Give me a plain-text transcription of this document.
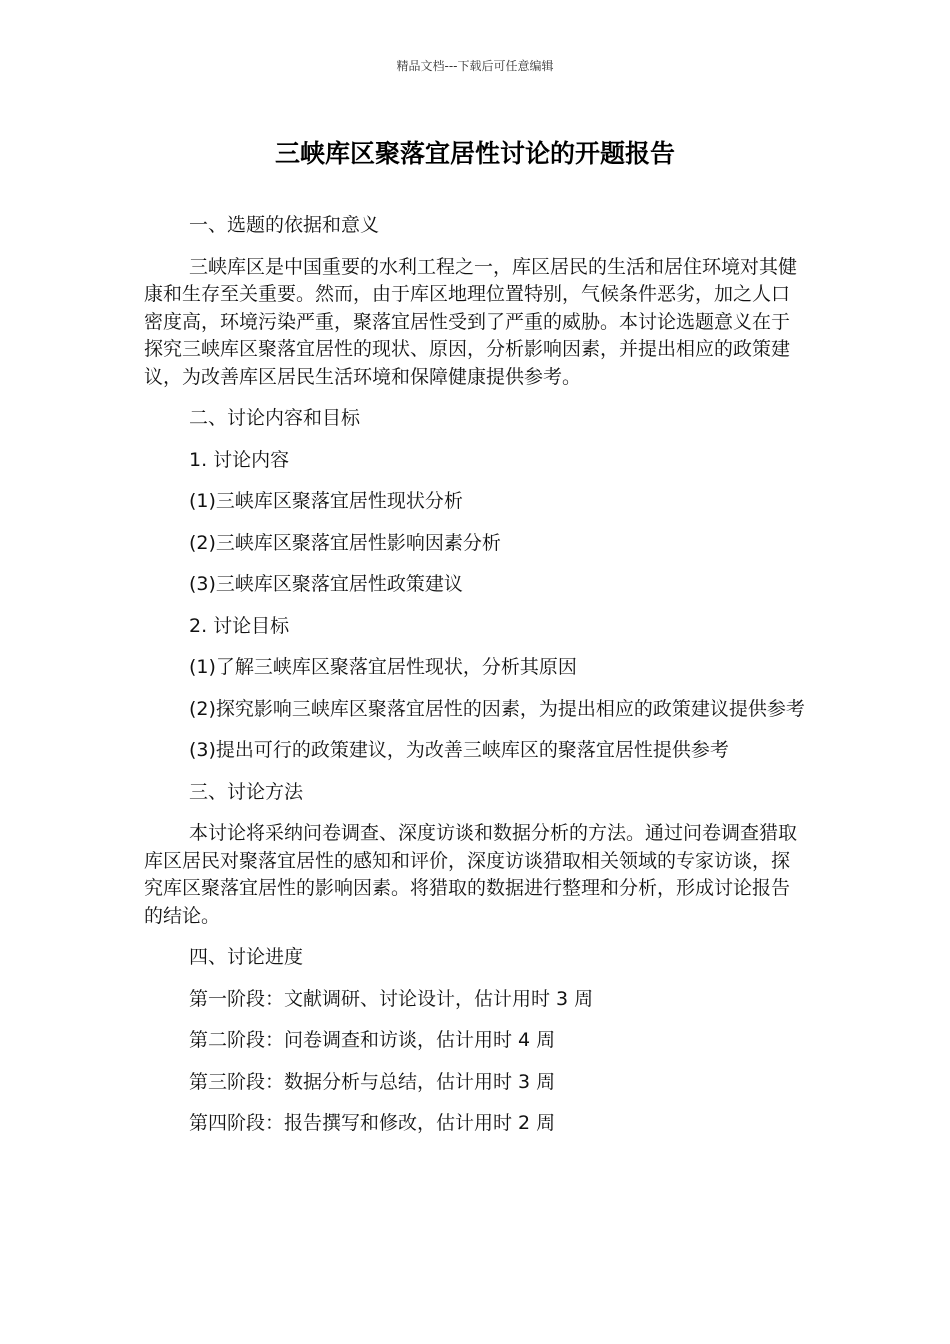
精品文档---下载后可任意编辑
三峡库区聚落宜居性讨论的开题报告

一、选题的依据和意义

三峡库区是中国重要的水利工程之一，库区居民的生活和居住环境对其健康和生存至关重要。然而，由于库区地理位置特别，气候条件恶劣，加之人口密度高，环境污染严重，聚落宜居性受到了严重的威胁。本讨论选题意义在于探究三峡库区聚落宜居性的现状、原因，分析影响因素，并提出相应的政策建议，为改善库区居民生活环境和保障健康提供参考。

二、讨论内容和目标

1. 讨论内容

(1)三峡库区聚落宜居性现状分析

(2)三峡库区聚落宜居性影响因素分析

(3)三峡库区聚落宜居性政策建议

2. 讨论目标

(1)了解三峡库区聚落宜居性现状，分析其原因

(2)探究影响三峡库区聚落宜居性的因素，为提出相应的政策建议提供参考

(3)提出可行的政策建议，为改善三峡库区的聚落宜居性提供参考

三、讨论方法

本讨论将采纳问卷调查、深度访谈和数据分析的方法。通过问卷调查猎取库区居民对聚落宜居性的感知和评价，深度访谈猎取相关领域的专家访谈，探究库区聚落宜居性的影响因素。将猎取的数据进行整理和分析，形成讨论报告的结论。

四、讨论进度

第一阶段：文献调研、讨论设计，估计用时 3 周

第二阶段：问卷调查和访谈，估计用时 4 周

第三阶段：数据分析与总结，估计用时 3 周

第四阶段：报告撰写和修改，估计用时 2 周
